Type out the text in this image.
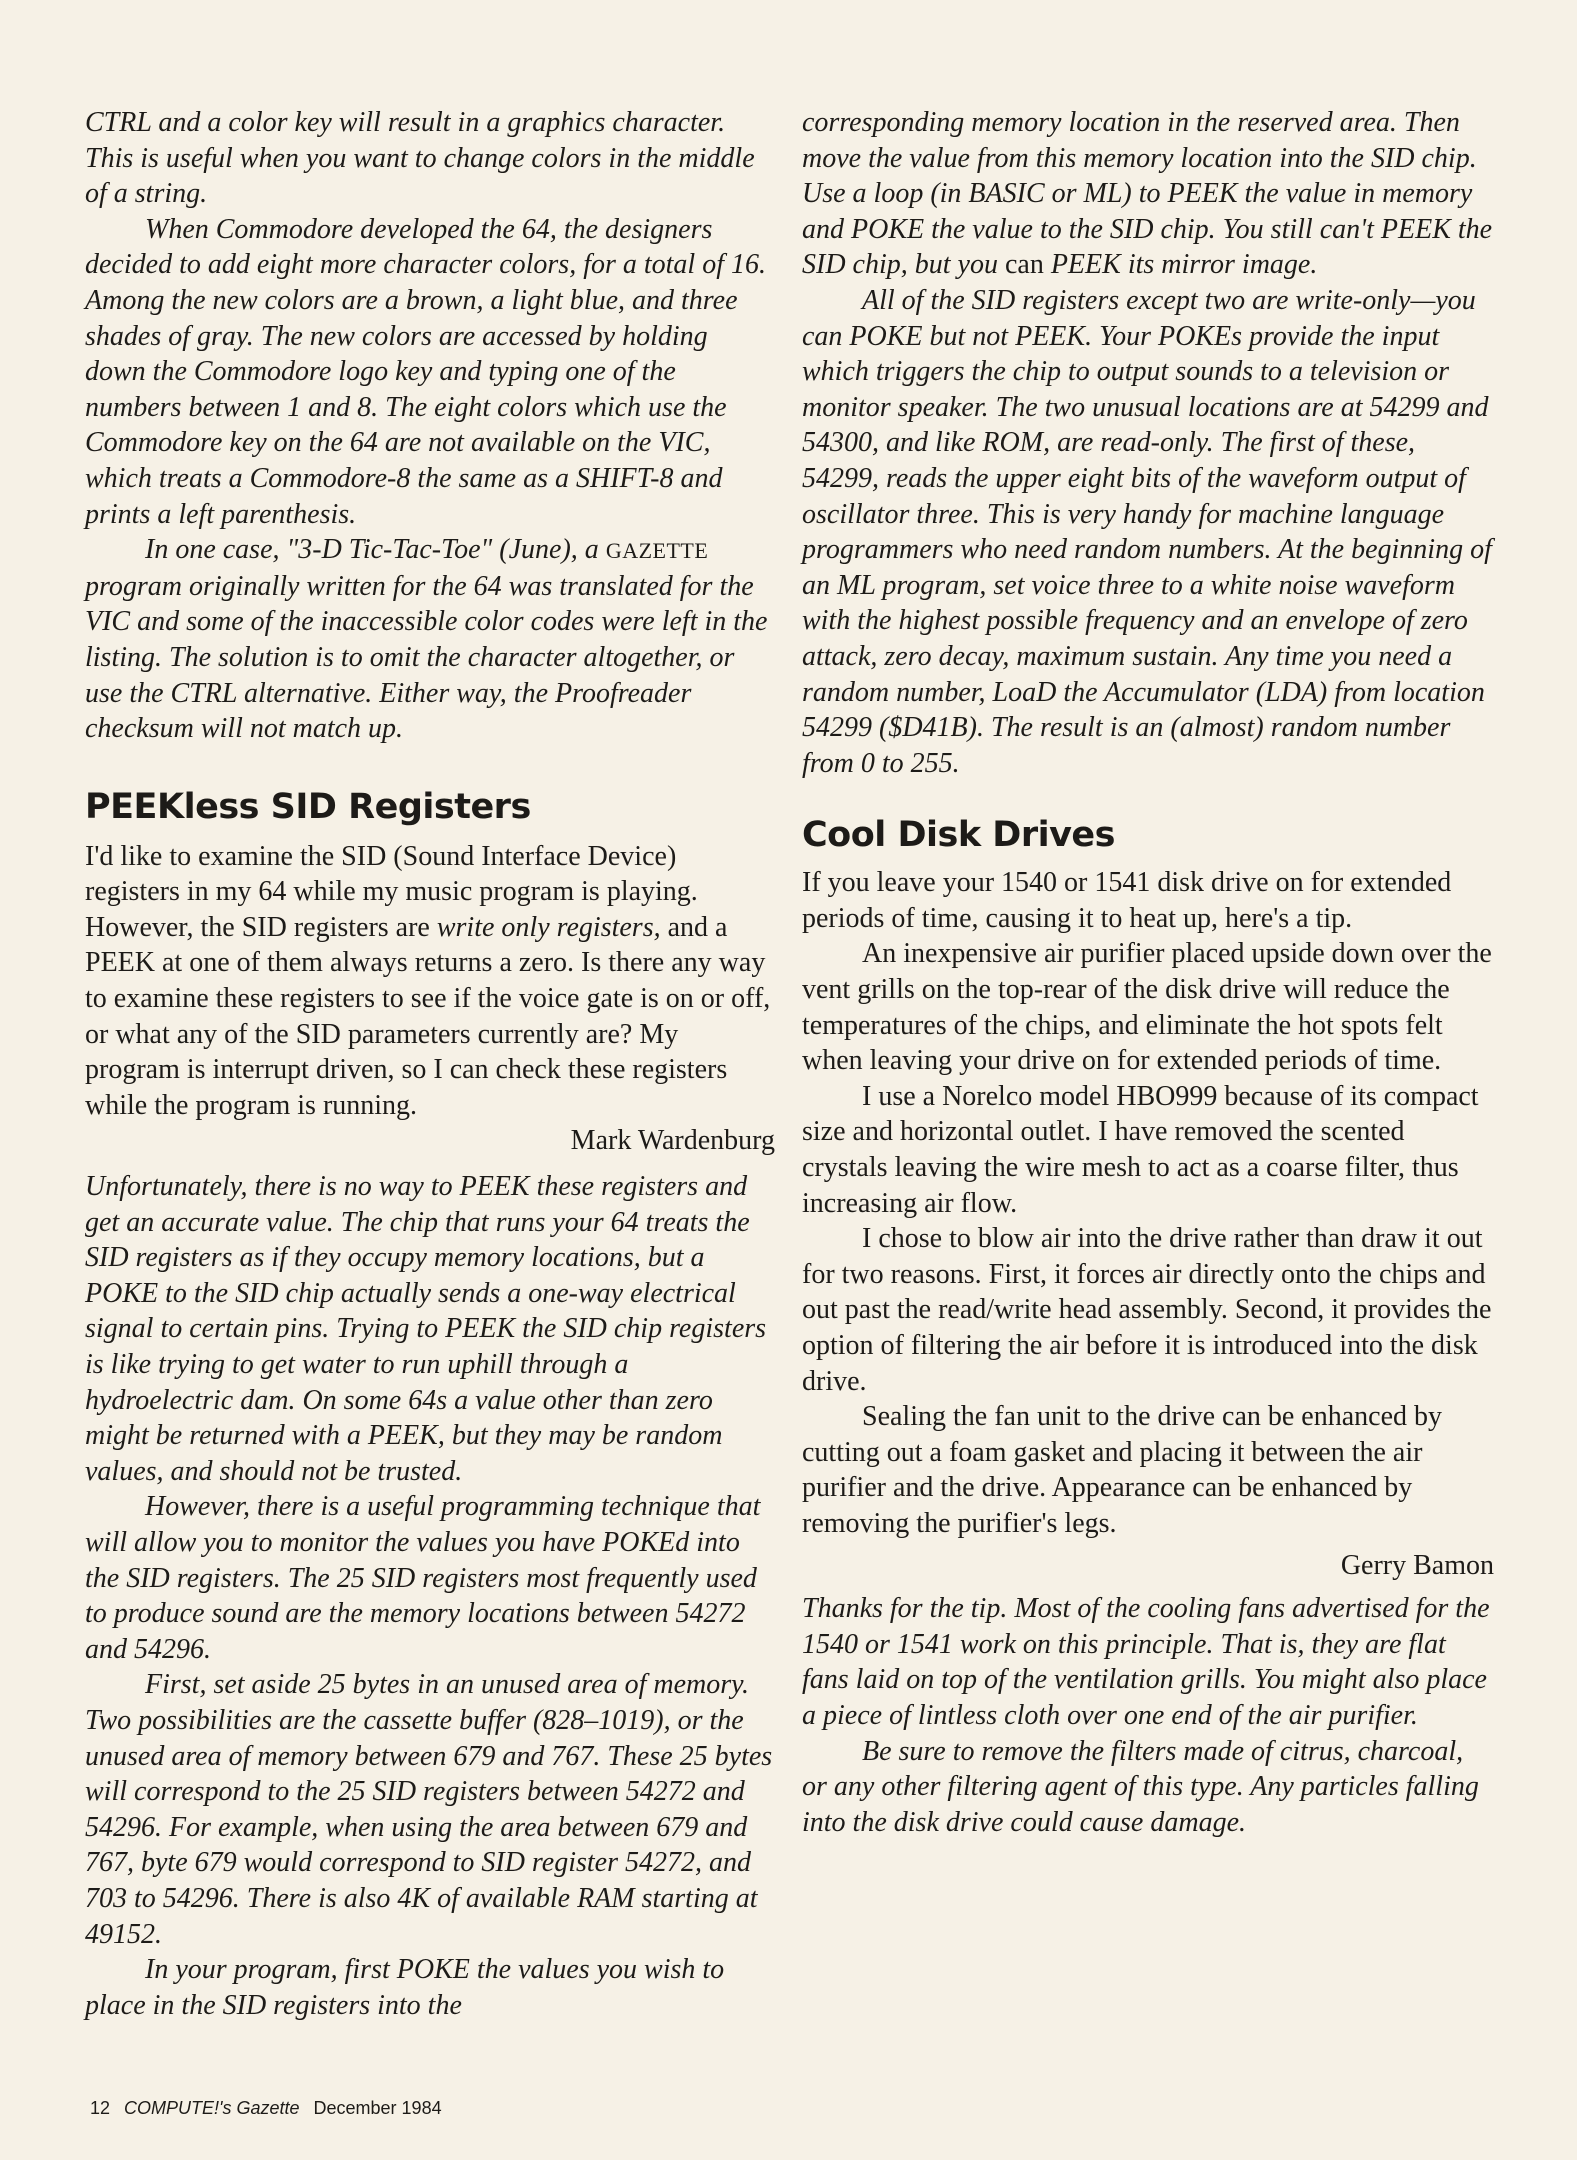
CTRL and a color key will result in a graphics character. This is useful when you want to change colors in the middle of a string.

When Commodore developed the 64, the designers decided to add eight more character colors, for a total of 16. Among the new colors are a brown, a light blue, and three shades of gray. The new colors are accessed by holding down the Commodore logo key and typing one of the numbers between 1 and 8. The eight colors which use the Commodore key on the 64 are not available on the VIC, which treats a Commodore-8 the same as a SHIFT-8 and prints a left parenthesis.

In one case, "3-D Tic-Tac-Toe" (June), a GAZETTE program originally written for the 64 was translated for the VIC and some of the inaccessible color codes were left in the listing. The solution is to omit the character altogether, or use the CTRL alternative. Either way, the Proofreader checksum will not match up.

PEEKless SID Registers

I'd like to examine the SID (Sound Interface Device) registers in my 64 while my music program is playing. However, the SID registers are write only registers, and a PEEK at one of them always returns a zero. Is there any way to examine these registers to see if the voice gate is on or off, or what any of the SID parameters currently are? My program is interrupt driven, so I can check these registers while the program is running.

Mark Wardenburg

Unfortunately, there is no way to PEEK these registers and get an accurate value. The chip that runs your 64 treats the SID registers as if they occupy memory locations, but a POKE to the SID chip actually sends a one-way electrical signal to certain pins. Trying to PEEK the SID chip registers is like trying to get water to run uphill through a hydroelectric dam. On some 64s a value other than zero might be returned with a PEEK, but they may be random values, and should not be trusted.

However, there is a useful programming technique that will allow you to monitor the values you have POKEd into the SID registers. The 25 SID registers most frequently used to produce sound are the memory locations between 54272 and 54296.

First, set aside 25 bytes in an unused area of memory. Two possibilities are the cassette buffer (828–1019), or the unused area of memory between 679 and 767. These 25 bytes will correspond to the 25 SID registers between 54272 and 54296. For example, when using the area between 679 and 767, byte 679 would correspond to SID register 54272, and 703 to 54296. There is also 4K of available RAM starting at 49152.

In your program, first POKE the values you wish to place in the SID registers into the

corresponding memory location in the reserved area. Then move the value from this memory location into the SID chip. Use a loop (in BASIC or ML) to PEEK the value in memory and POKE the value to the SID chip. You still can't PEEK the SID chip, but you can PEEK its mirror image.

All of the SID registers except two are write-only—you can POKE but not PEEK. Your POKEs provide the input which triggers the chip to output sounds to a television or monitor speaker. The two unusual locations are at 54299 and 54300, and like ROM, are read-only. The first of these, 54299, reads the upper eight bits of the waveform output of oscillator three. This is very handy for machine language programmers who need random numbers. At the beginning of an ML program, set voice three to a white noise waveform with the highest possible frequency and an envelope of zero attack, zero decay, maximum sustain. Any time you need a random number, LoaD the Accumulator (LDA) from location 54299 ($D41B). The result is an (almost) random number from 0 to 255.

Cool Disk Drives

If you leave your 1540 or 1541 disk drive on for extended periods of time, causing it to heat up, here's a tip.

An inexpensive air purifier placed upside down over the vent grills on the top-rear of the disk drive will reduce the temperatures of the chips, and eliminate the hot spots felt when leaving your drive on for extended periods of time.

I use a Norelco model HBO999 because of its compact size and horizontal outlet. I have removed the scented crystals leaving the wire mesh to act as a coarse filter, thus increasing air flow.

I chose to blow air into the drive rather than draw it out for two reasons. First, it forces air directly onto the chips and out past the read/write head assembly. Second, it provides the option of filtering the air before it is introduced into the disk drive.

Sealing the fan unit to the drive can be enhanced by cutting out a foam gasket and placing it between the air purifier and the drive. Appearance can be enhanced by removing the purifier's legs.

Gerry Bamon

Thanks for the tip. Most of the cooling fans advertised for the 1540 or 1541 work on this principle. That is, they are flat fans laid on top of the ventilation grills. You might also place a piece of lintless cloth over one end of the air purifier.

Be sure to remove the filters made of citrus, charcoal, or any other filtering agent of this type. Any particles falling into the disk drive could cause damage.

12 COMPUTE!'s Gazette December 1984
